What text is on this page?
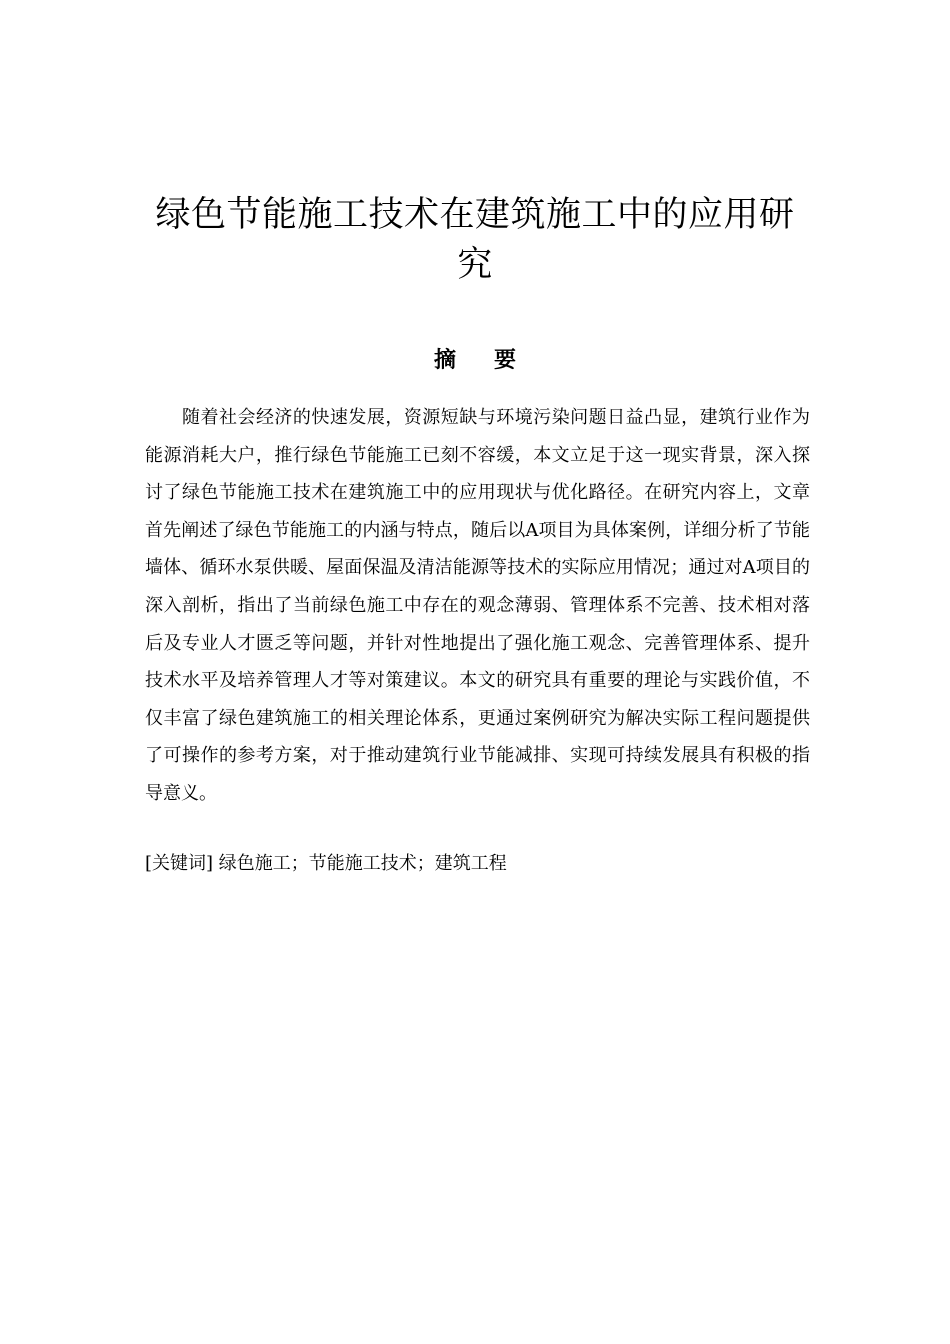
绿色节能施工技术在建筑施工中的应用研究
摘要

随着社会经济的快速发展，资源短缺与环境污染问题日益凸显，建筑行业作为能源消耗大户，推行绿色节能施工已刻不容缓，本文立足于这一现实背景，深入探讨了绿色节能施工技术在建筑施工中的应用现状与优化路径。在研究内容上，文章首先阐述了绿色节能施工的内涵与特点，随后以A项目为具体案例，详细分析了节能墙体、循环水泵供暖、屋面保温及清洁能源等技术的实际应用情况；通过对A项目的深入剖析，指出了当前绿色施工中存在的观念薄弱、管理体系不完善、技术相对落后及专业人才匮乏等问题，并针对性地提出了强化施工观念、完善管理体系、提升技术水平及培养管理人才等对策建议。本文的研究具有重要的理论与实践价值，不仅丰富了绿色建筑施工的相关理论体系，更通过案例研究为解决实际工程问题提供了可操作的参考方案，对于推动建筑行业节能减排、实现可持续发展具有积极的指导意义。

[关键词] 绿色施工；节能施工技术；建筑工程
